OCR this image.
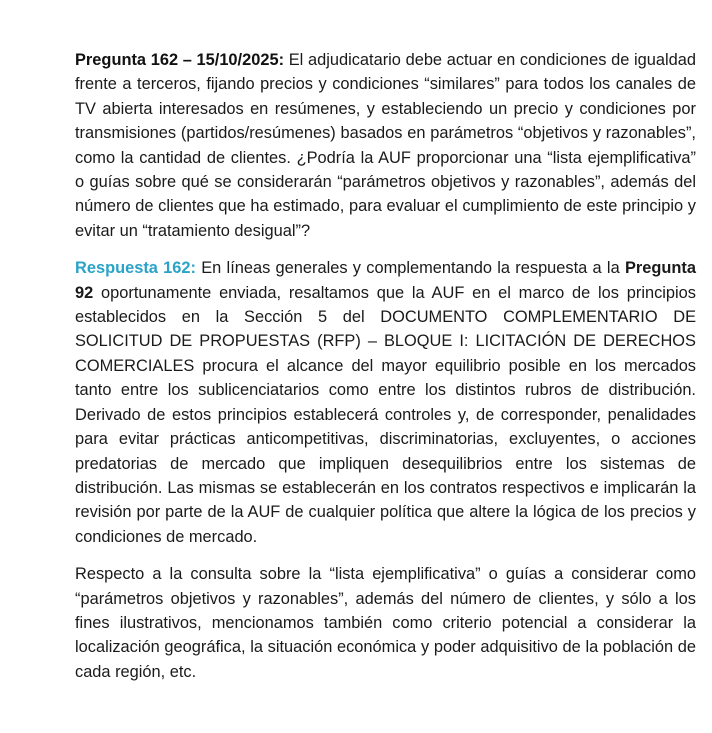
Pregunta 162 – 15/10/2025: El adjudicatario debe actuar en condiciones de igualdad frente a terceros, fijando precios y condiciones “similares” para todos los canales de TV abierta interesados en resúmenes, y estableciendo un precio y condiciones por transmisiones (partidos/resúmenes) basados en parámetros “objetivos y razonables”, como la cantidad de clientes. ¿Podría la AUF proporcionar una “lista ejemplificativa” o guías sobre qué se considerarán “parámetros objetivos y razonables”, además del número de clientes que ha estimado, para evaluar el cumplimiento de este principio y evitar un “tratamiento desigual”?

Respuesta 162: En líneas generales y complementando la respuesta a la Pregunta 92 oportunamente enviada, resaltamos que la AUF en el marco de los principios establecidos en la Sección 5 del DOCUMENTO COMPLEMENTARIO DE SOLICITUD DE PROPUESTAS (RFP) – BLOQUE I: LICITACIÓN DE DERECHOS COMERCIALES procura el alcance del mayor equilibrio posible en los mercados tanto entre los sublicenciatarios como entre los distintos rubros de distribución. Derivado de estos principios establecerá controles y, de corresponder, penalidades para evitar prácticas anticompetitivas, discriminatorias, excluyentes, o acciones predatorias de mercado que impliquen desequilibrios entre los sistemas de distribución. Las mismas se establecerán en los contratos respectivos e implicarán la revisión por parte de la AUF de cualquier política que altere la lógica de los precios y condiciones de mercado.

Respecto a la consulta sobre la “lista ejemplificativa” o guías a considerar como “parámetros objetivos y razonables”, además del número de clientes, y sólo a los fines ilustrativos, mencionamos también como criterio potencial a considerar la localización geográfica, la situación económica y poder adquisitivo de la población de cada región, etc.
